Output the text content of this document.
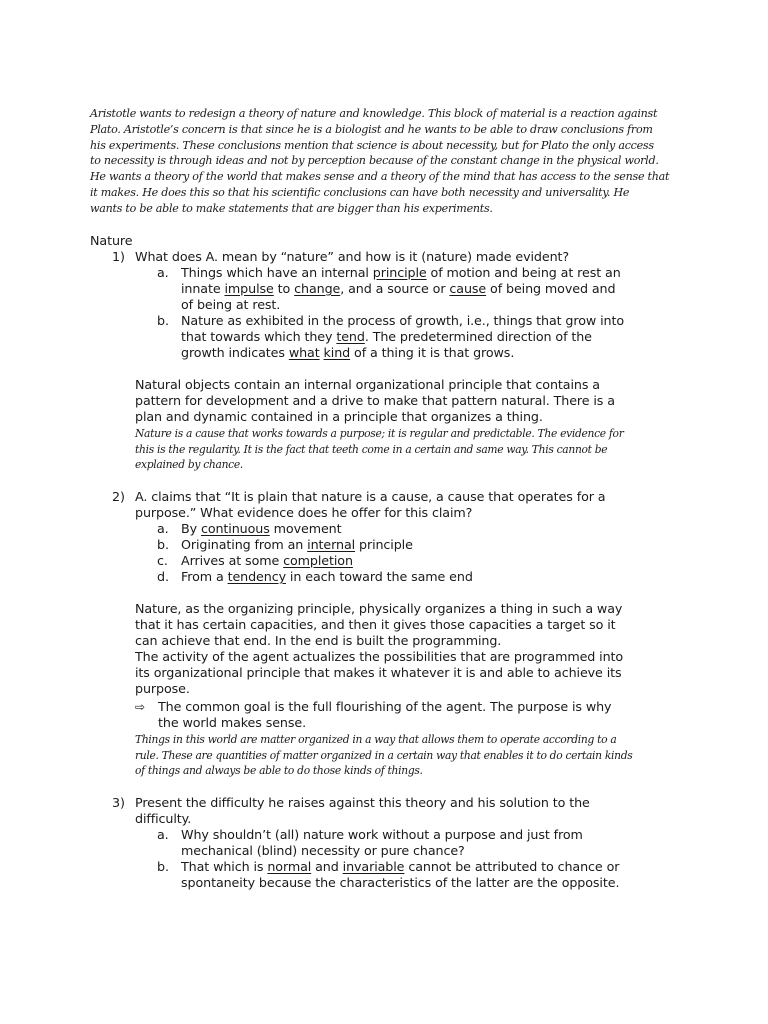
Aristotle wants to redesign a theory of nature and knowledge. This block of material is a reaction against
Plato. Aristotle’s concern is that since he is a biologist and he wants to be able to draw conclusions from
his experiments. These conclusions mention that science is about necessity, but for Plato the only access
to necessity is through ideas and not by perception because of the constant change in the physical world.
He wants a theory of the world that makes sense and a theory of the mind that has access to the sense that
it makes. He does this so that his scientific conclusions can have both necessity and universality. He
wants to be able to make statements that are bigger than his experiments.
Nature
1) What does A. mean by “nature” and how is it (nature) made evident?
a. Things which have an internal principle of motion and being at rest an
innate impulse to change, and a source or cause of being moved and
of being at rest.
b. Nature as exhibited in the process of growth, i.e., things that grow into
that towards which they tend. The predetermined direction of the
growth indicates what kind of a thing it is that grows.
Natural objects contain an internal organizational principle that contains a
pattern for development and a drive to make that pattern natural. There is a
plan and dynamic contained in a principle that organizes a thing.
Nature is a cause that works towards a purpose; it is regular and predictable. The evidence for
this is the regularity. It is the fact that teeth come in a certain and same way. This cannot be
explained by chance.
2) A. claims that “It is plain that nature is a cause, a cause that operates for a
purpose.” What evidence does he offer for this claim?
a. By continuous movement
b. Originating from an internal principle
c. Arrives at some completion
d. From a tendency in each toward the same end
Nature, as the organizing principle, physically organizes a thing in such a way
that it has certain capacities, and then it gives those capacities a target so it
can achieve that end. In the end is built the programming.
The activity of the agent actualizes the possibilities that are programmed into
its organizational principle that makes it whatever it is and able to achieve its
purpose.
⇨ The common goal is the full flourishing of the agent. The purpose is why
the world makes sense.
Things in this world are matter organized in a way that allows them to operate according to a
rule. These are quantities of matter organized in a certain way that enables it to do certain kinds
of things and always be able to do those kinds of things.
3) Present the difficulty he raises against this theory and his solution to the
difficulty.
a. Why shouldn’t (all) nature work without a purpose and just from
mechanical (blind) necessity or pure chance?
b. That which is normal and invariable cannot be attributed to chance or
spontaneity because the characteristics of the latter are the opposite.
